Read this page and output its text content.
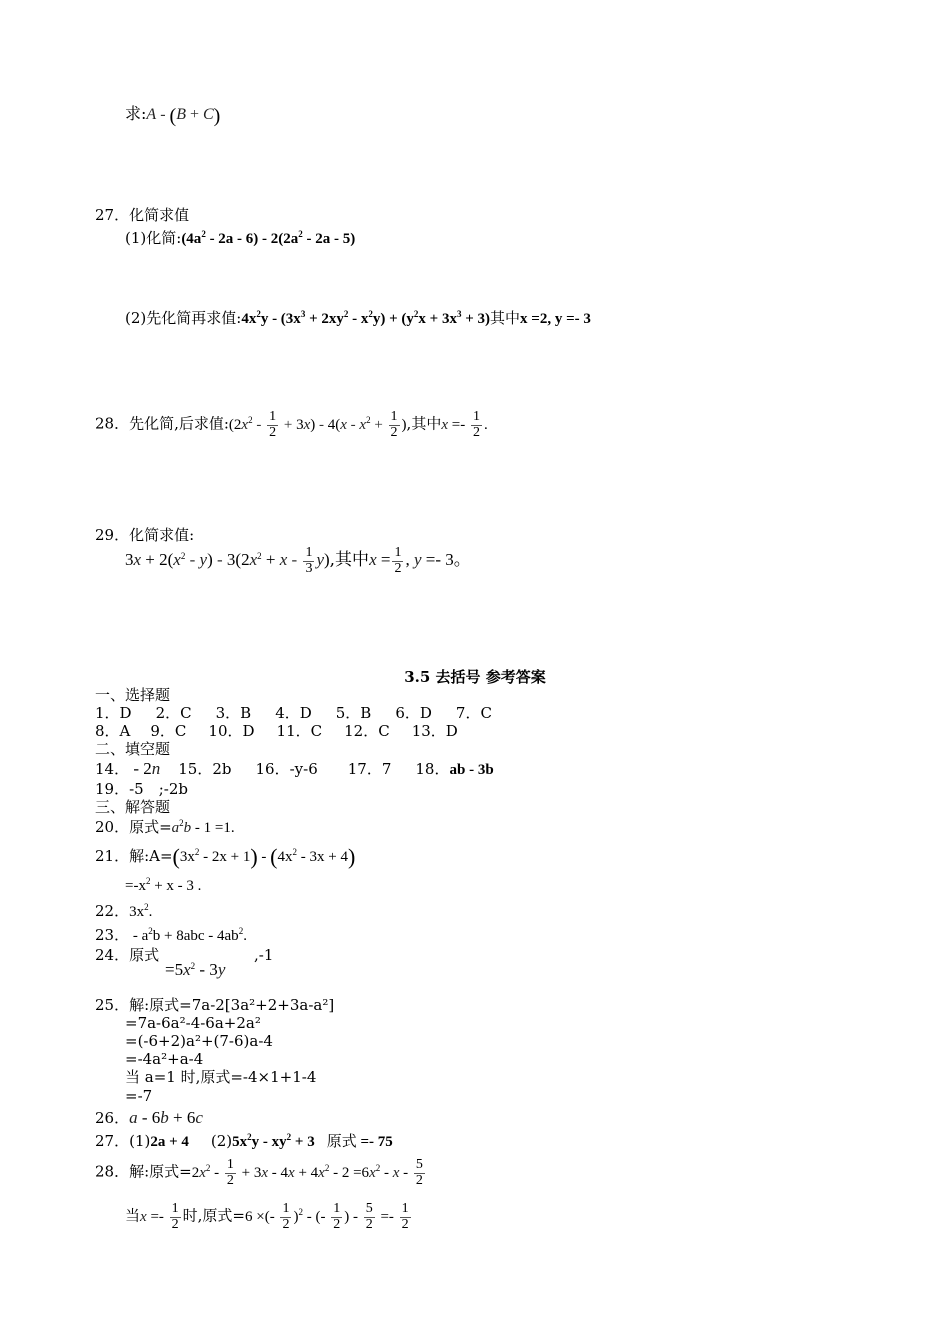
求:A - (B + C)
27．化简求值
(1)化简$:(4a^2 - 2a - 6) - 2(2a^2 - 2a - 5)$
(2)先化简再求值$:4x^2y - (3x^3 + 2xy^2 - x^2y) + (y^2x + 3x^3 + 3)$其中x =2, y =- 3
28．先化简,后求值$:(2x^2 - \frac{1}{2} + 3x) - 4(x - x^2 + \frac{1}{2}$ ),其中$x =- \frac{1}{2}$ .
29．化简求值:
$3x + 2(x^2 - y) - 3(2x^2 + x - \frac{1}{3} y)$,其中$x = \frac{1}{2}$ , y =- 3。
3.5 去括号 参考答案
一、选择题
1．D 2．C 3．B 4．D 5．B 6．D 7．C
8．A 9．C 10．D 11．C 12．C 13．D
二、填空题
14． - 2n 15．2b 16．-y-6 17．7 18．ab - 3b
19．-5　;-2b
三、解答题
20．原式$=a^2b - 1 =1$.
21．解$:A=(3x^2 - 2x + 1) - (4x^2 - 3x + 4)$
$=-x^2 + x - 3$ .
22．$3x^2$.
23． - $a^2b + 8abc - 4ab^2$.
24．原式
$=5x^2 - 3y$
,-1
25．解:原式=7a-2[3a²+2+3a-a²]
=7a-6a²-4-6a+2a²
=(-6+2)a²+(7-6)a-4
=-4a²+a-4
当 a=1 时,原式=-4×1+1-4
=-7
26．a - 6b + 6c
27．(1)2a + 4 $(2)5x^2y - xy^2 + 3$ 原式 =- 75
28．解:原式$=2x^2 - \frac{1}{2} + 3x - 4x + 4x^2 - 2 =6x^2 - x - \frac{5}{2}$
当$x =- \frac{1}{2}$ 时,原式=6 ×(- $\frac{1}{2} )^2$ - (- $\frac{1}{2}$ ) - $\frac{5}{2} =- \frac{1}{2}$
